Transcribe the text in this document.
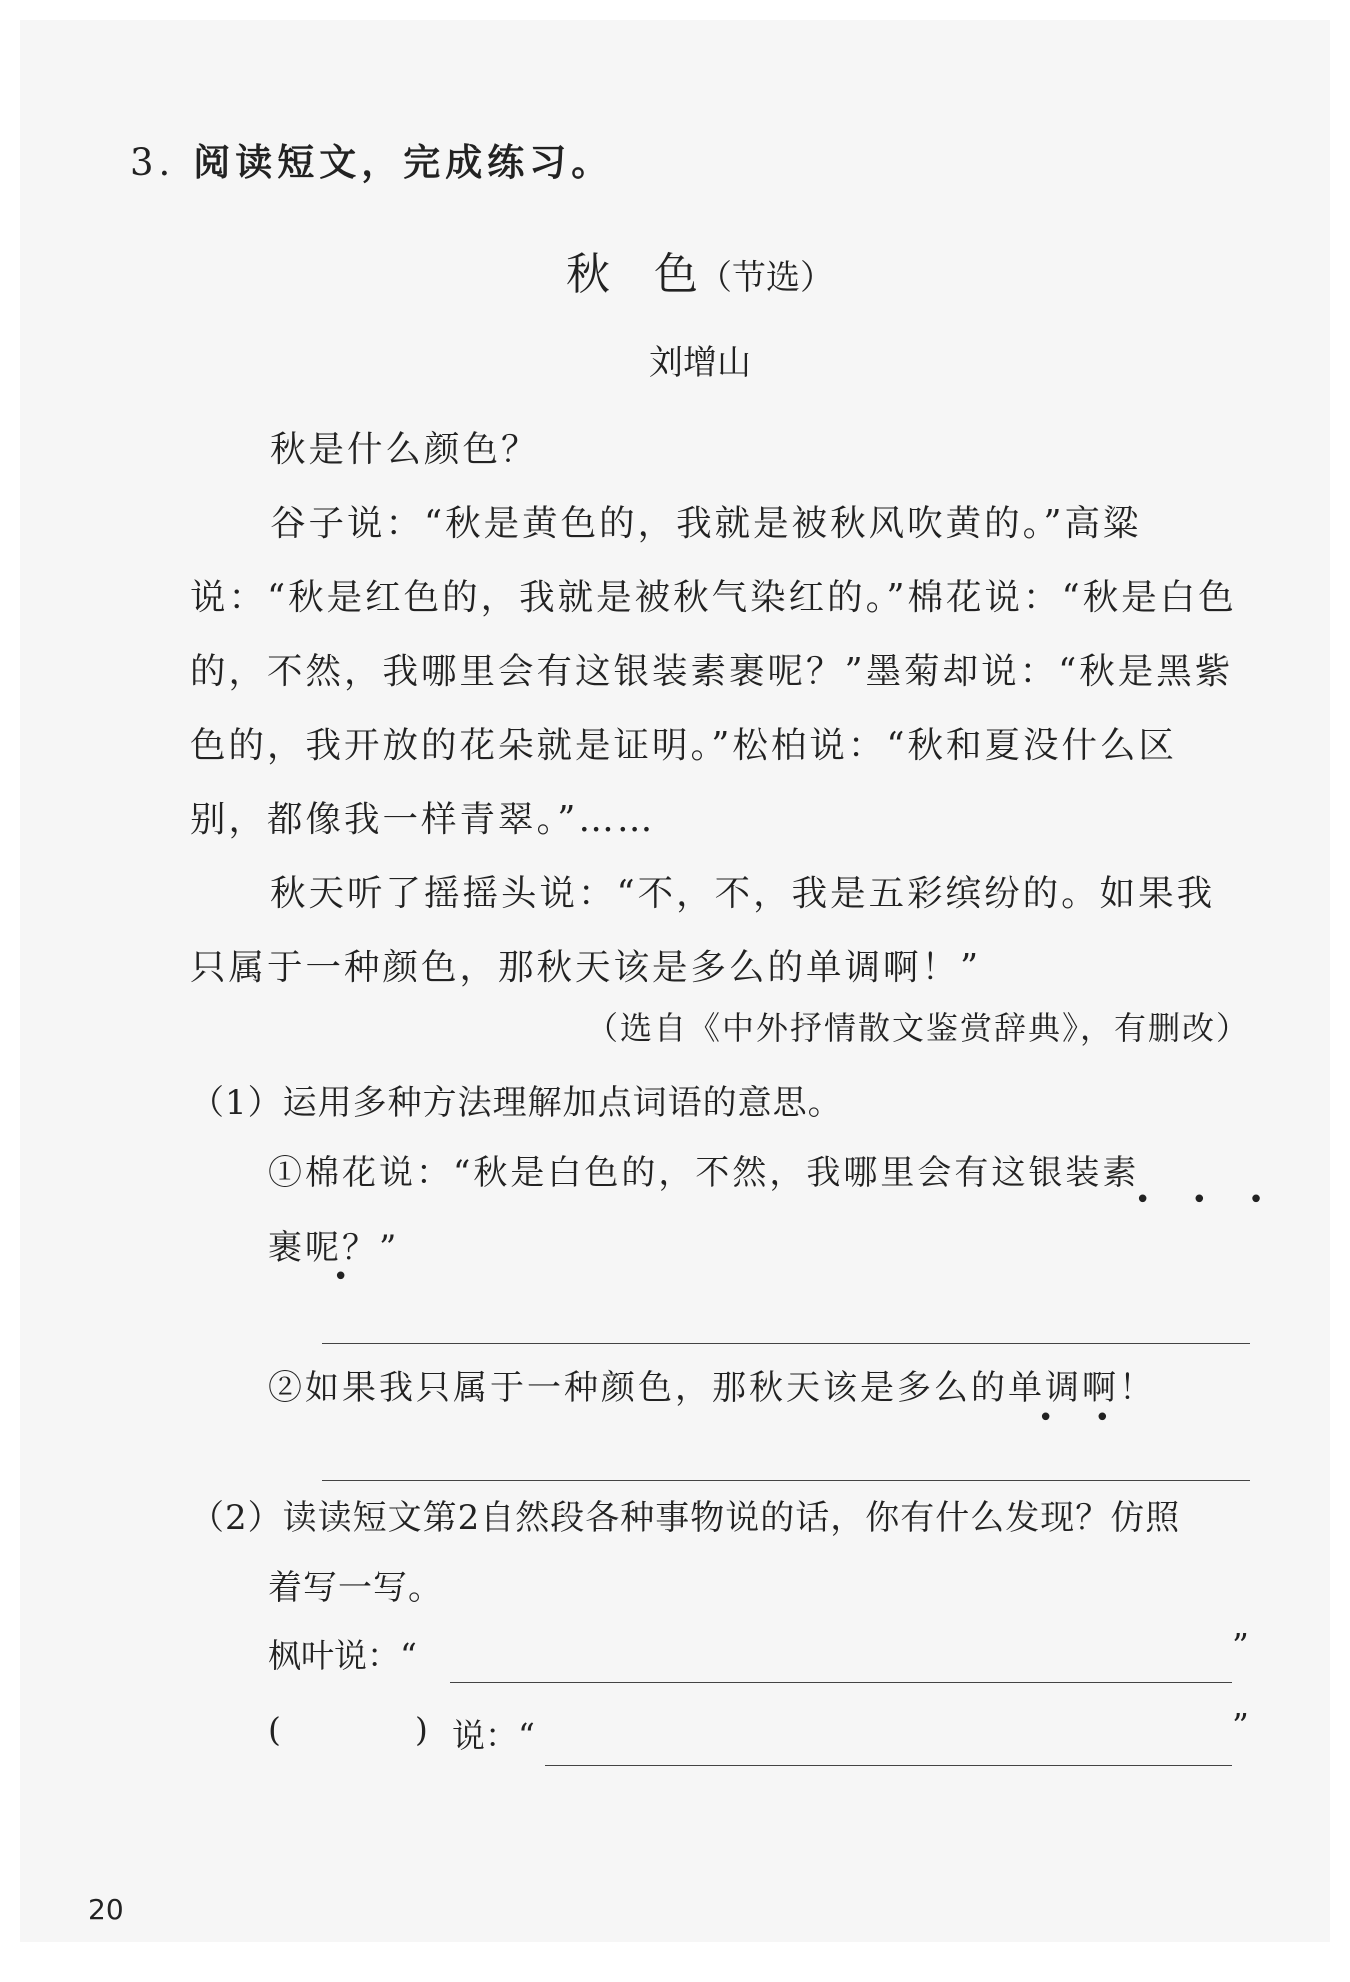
3. 阅读短文，完成练习。
秋　色（节选）
刘增山
秋是什么颜色？
谷子说：“秋是黄色的，我就是被秋风吹黄的。”高粱说：“秋是红色的，我就是被秋气染红的。”棉花说：“秋是白色的，不然，我哪里会有这银装素裹呢？”墨菊却说：“秋是黑紫色的，我开放的花朵就是证明。”松柏说：“秋和夏没什么区别，都像我一样青翠。”……
秋天听了摇摇头说：“不，不，我是五彩缤纷的。如果我只属于一种颜色，那秋天该是多么的单调啊！”
（选自《中外抒情散文鉴赏辞典》，有删改）
（1）运用多种方法理解加点词语的意思。
①棉花说：“秋是白色的，不然，我哪里会有这银装素
•     •     •
裹呢？”
•
②如果我只属于一种颜色，那秋天该是多么的单调啊！
•     •
（2）读读短文第2自然段各种事物说的话，你有什么发现？仿照
着写一写。
枫叶说：“	”
(	) 说：“	”
20
